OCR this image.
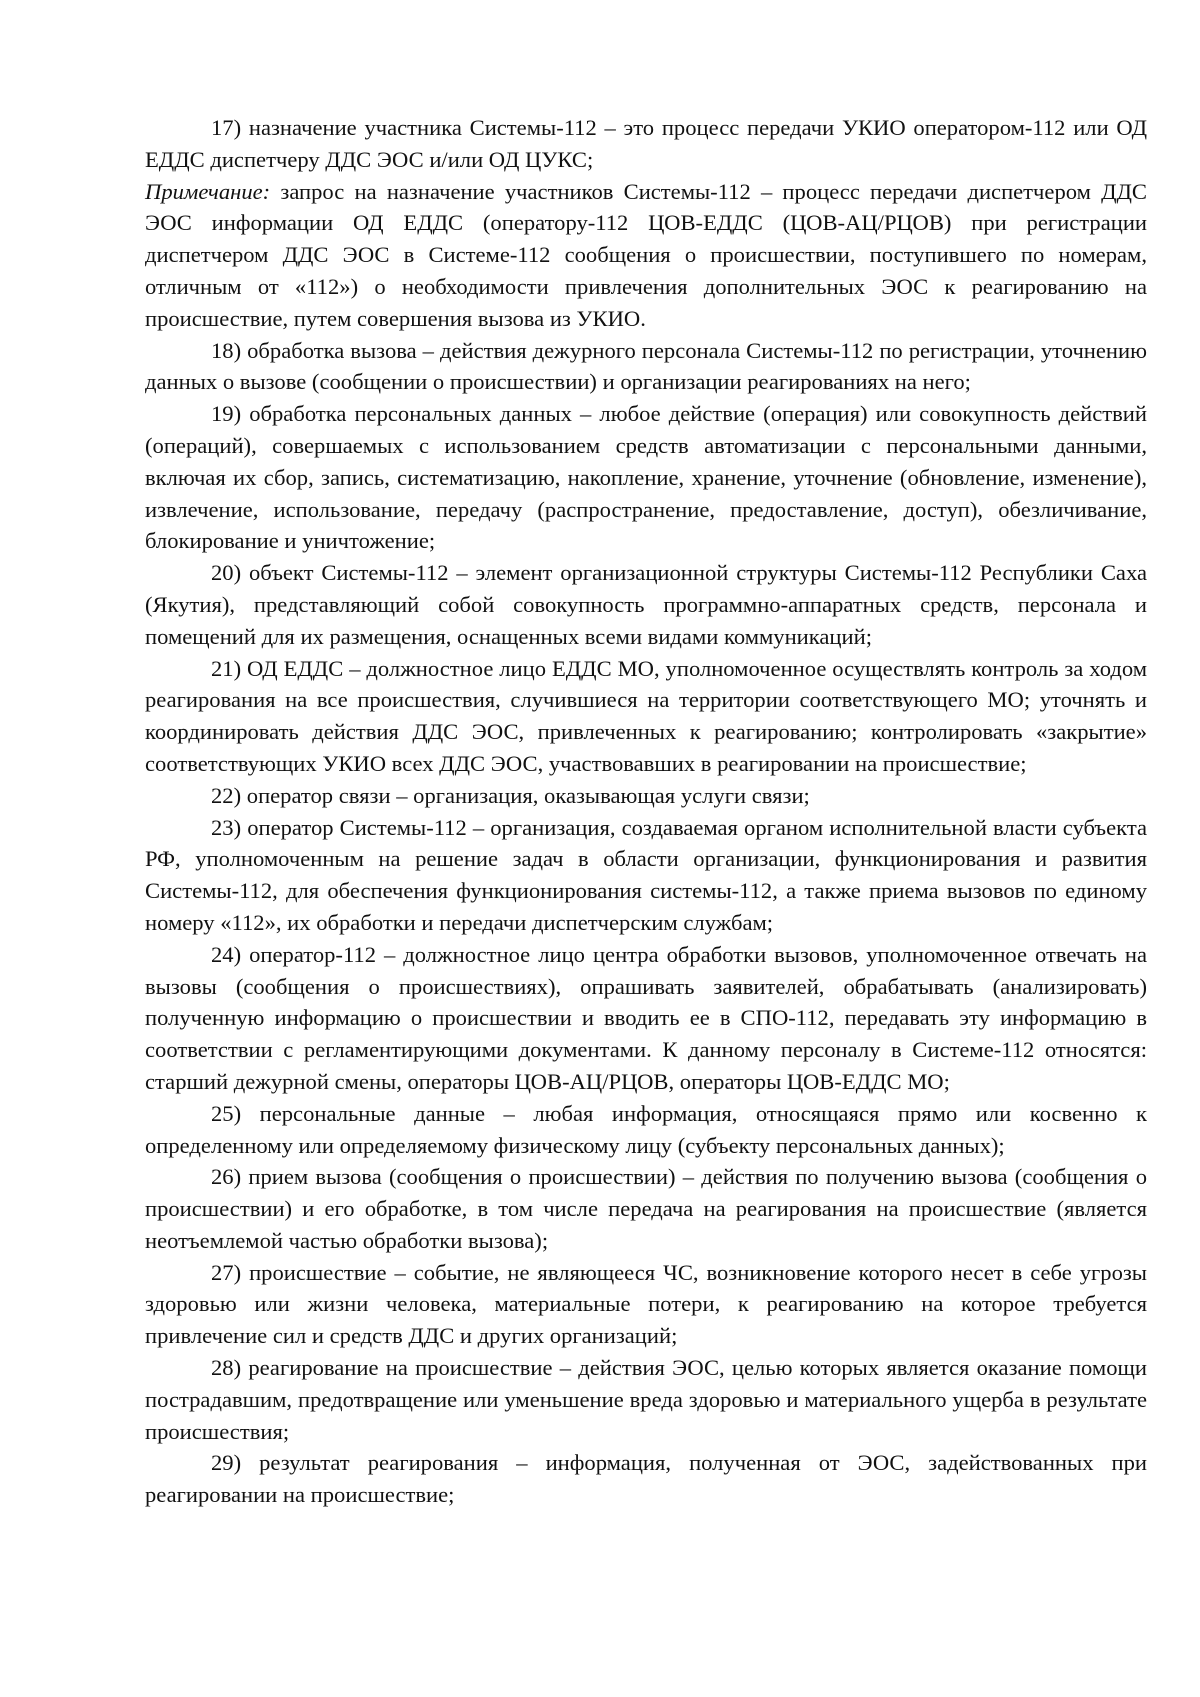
17) назначение участника Системы-112 – это процесс передачи УКИО оператором-112 или ОД ЕДДС диспетчеру ДДС ЭОС и/или ОД ЦУКС;

Примечание: запрос на назначение участников Системы-112 – процесс передачи диспетчером ДДС ЭОС информации ОД ЕДДС (оператору-112 ЦОВ-ЕДДС (ЦОВ-АЦ/РЦОВ) при регистрации диспетчером ДДС ЭОС в Системе-112 сообщения о происшествии, поступившего по номерам, отличным от «112») о необходимости привлечения дополнительных ЭОС к реагированию на происшествие, путем совершения вызова из УКИО.

18) обработка вызова – действия дежурного персонала Системы-112 по регистрации, уточнению данных о вызове (сообщении о происшествии) и организации реагированиях на него;

19) обработка персональных данных – любое действие (операция) или совокупность действий (операций), совершаемых с использованием средств автоматизации с персональными данными, включая их сбор, запись, систематизацию, накопление, хранение, уточнение (обновление, изменение), извлечение, использование, передачу (распространение, предоставление, доступ), обезличивание, блокирование и уничтожение;

20) объект Системы-112 – элемент организационной структуры Системы-112 Республики Саха (Якутия), представляющий собой совокупность программно-аппаратных средств, персонала и помещений для их размещения, оснащенных всеми видами коммуникаций;

21) ОД ЕДДС – должностное лицо ЕДДС МО, уполномоченное осуществлять контроль за ходом реагирования на все происшествия, случившиеся на территории соответствующего МО; уточнять и координировать действия ДДС ЭОС, привлеченных к реагированию; контролировать «закрытие» соответствующих УКИО всех ДДС ЭОС, участвовавших в реагировании на происшествие;

22) оператор связи – организация, оказывающая услуги связи;

23) оператор Системы-112 – организация, создаваемая органом исполнительной власти субъекта РФ, уполномоченным на решение задач в области организации, функционирования и развития Системы-112, для обеспечения функционирования системы-112, а также приема вызовов по единому номеру «112», их обработки и передачи диспетчерским службам;

24) оператор-112 – должностное лицо центра обработки вызовов, уполномоченное отвечать на вызовы (сообщения о происшествиях), опрашивать заявителей, обрабатывать (анализировать) полученную информацию о происшествии и вводить ее в СПО-112, передавать эту информацию в соответствии с регламентирующими документами. К данному персоналу в Системе-112 относятся: старший дежурной смены, операторы ЦОВ-АЦ/РЦОВ, операторы ЦОВ-ЕДДС МО;

25) персональные данные – любая информация, относящаяся прямо или косвенно к определенному или определяемому физическому лицу (субъекту персональных данных);

26) прием вызова (сообщения о происшествии) – действия по получению вызова (сообщения о происшествии) и его обработке, в том числе передача на реагирования на происшествие (является неотъемлемой частью обработки вызова);

27) происшествие – событие, не являющееся ЧС, возникновение которого несет в себе угрозы здоровью или жизни человека, материальные потери, к реагированию на которое требуется привлечение сил и средств ДДС и других организаций;

28) реагирование на происшествие – действия ЭОС, целью которых является оказание помощи пострадавшим, предотвращение или уменьшение вреда здоровью и материального ущерба в результате происшествия;

29) результат реагирования – информация, полученная от ЭОС, задействованных при реагировании на происшествие;
